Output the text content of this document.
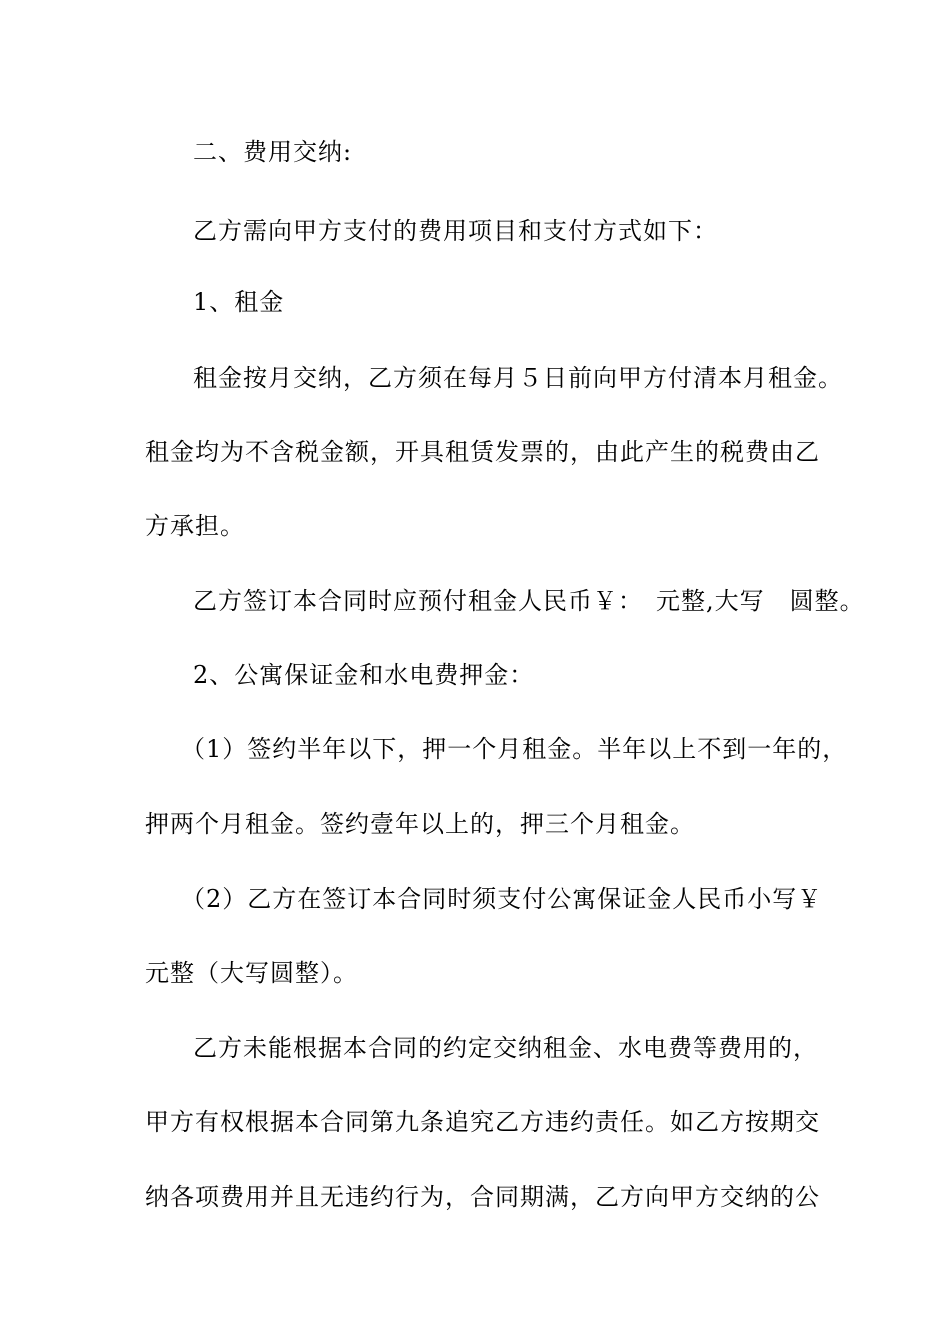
二、费用交纳:
乙方需向甲方支付的费用项目和支付方式如下：
1、租金
租金按月交纳，乙方须在每月５日前向甲方付清本月租金。
租金均为不含税金额，开具租赁发票的，由此产生的税费由乙
方承担。
乙方签订本合同时应预付租金人民币￥：　元整,大写　圆整。
2、公寓保证金和水电费押金：
（1）签约半年以下，押一个月租金。半年以上不到一年的，
押两个月租金。签约壹年以上的，押三个月租金。
（2）乙方在签订本合同时须支付公寓保证金人民币小写￥
元整（大写圆整）。
乙方未能根据本合同的约定交纳租金、水电费等费用的，
甲方有权根据本合同第九条追究乙方违约责任。如乙方按期交
纳各项费用并且无违约行为，合同期满，乙方向甲方交纳的公
